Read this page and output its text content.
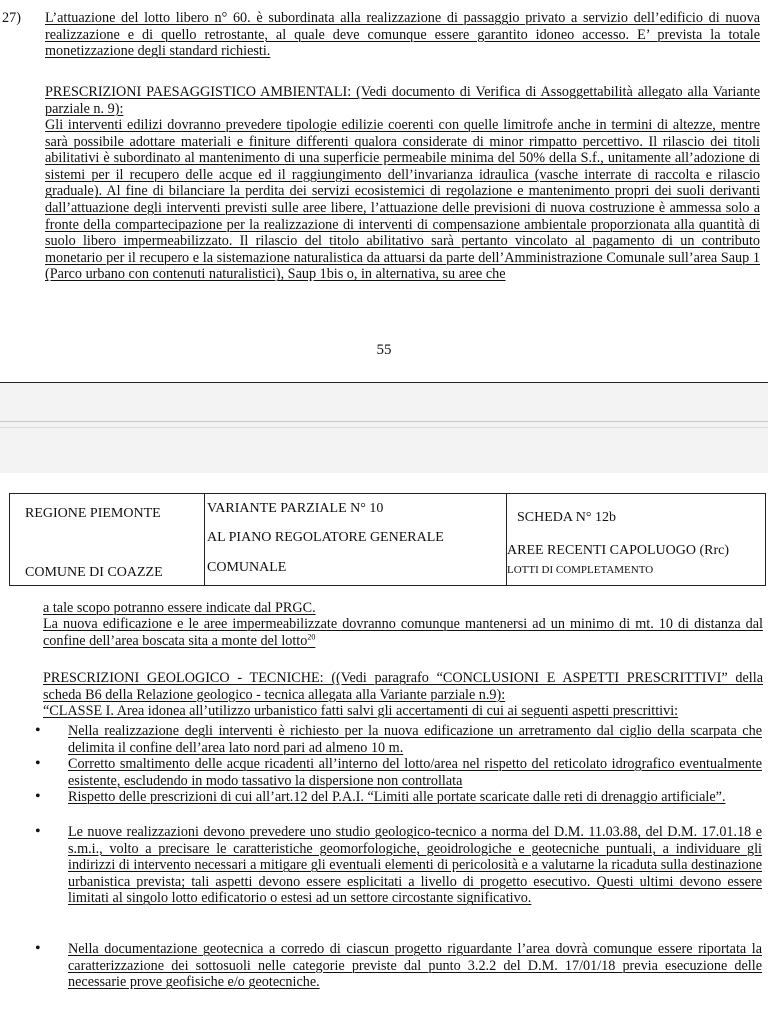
27) L’attuazione del lotto libero n° 60. è subordinata alla realizzazione di passaggio privato a servizio dell’edificio di nuova realizzazione e di quello retrostante, al quale deve comunque essere garantito idoneo accesso. E’ prevista la totale monetizzazione degli standard richiesti.

PRESCRIZIONI PAESAGGISTICO AMBIENTALI: (Vedi documento di Verifica di Assoggettabilità allegato alla Variante parziale n. 9):

Gli interventi edilizi dovranno prevedere tipologie edilizie coerenti con quelle limitrofe anche in termini di altezze, mentre sarà possibile adottare materiali e finiture differenti qualora considerate di minor rimpatto percettivo. Il rilascio dei titoli abilitativi è subordinato al mantenimento di una superficie permeabile minima del 50% della S.f., unitamente all’adozione di sistemi per il recupero delle acque ed il raggiungimento dell’invarianza idraulica (vasche interrate di raccolta e rilascio graduale). Al fine di bilanciare la perdita dei servizi ecosistemici di regolazione e mantenimento propri dei suoli derivanti dall’attuazione degli interventi previsti sulle aree libere, l’attuazione delle previsioni di nuova costruzione è ammessa solo a fronte della compartecipazione per la realizzazione di interventi di compensazione ambientale proporzionata alla quantità di suolo libero impermeabilizzato. Il rilascio del titolo abilitativo sarà pertanto vincolato al pagamento di un contributo monetario per il recupero e la sistemazione naturalistica da attuarsi da parte dell’Amministrazione Comunale sull’area Saup 1 (Parco urbano con contenuti naturalistici), Saup 1bis o, in alternativa, su aree che

55
REGIONE PIEMONTE
COMUNE DI COAZZE
VARIANTE PARZIALE N° 10
AL PIANO REGOLATORE GENERALE
COMUNALE
SCHEDA N° 12b
AREE RECENTI CAPOLUOGO (Rrc)
LOTTI DI COMPLETAMENTO

a tale scopo potranno essere indicate dal PRGC.

La nuova edificazione e le aree impermeabilizzate dovranno comunque mantenersi ad un minimo di mt. 10 di distanza dal confine dell’area boscata sita a monte del lotto$^{20}$

PRESCRIZIONI GEOLOGICO - TECNICHE: ((Vedi paragrafo “CONCLUSIONI E ASPETTI PRESCRITTIVI” della scheda B6 della Relazione geologico - tecnica allegata alla Variante parziale n.9):

“CLASSE I. Area idonea all’utilizzo urbanistico fatti salvi gli accertamenti di cui ai seguenti aspetti prescrittivi:

• Nella realizzazione degli interventi è richiesto per la nuova edificazione un arretramento dal ciglio della scarpata che delimita il confine dell’area lato nord pari ad almeno 10 m.

• Corretto smaltimento delle acque ricadenti all’interno del lotto/area nel rispetto del reticolato idrografico eventualmente esistente, escludendo in modo tassativo la dispersione non controllata

• Rispetto delle prescrizioni di cui all’art.12 del P.A.I. “Limiti alle portate scaricate dalle reti di drenaggio artificiale”.

• Le nuove realizzazioni devono prevedere uno studio geologico-tecnico a norma del D.M. 11.03.88, del D.M. 17.01.18 e s.m.i., volto a precisare le caratteristiche geomorfologiche, geoidrologiche e geotecniche puntuali, a individuare gli indirizzi di intervento necessari a mitigare gli eventuali elementi di pericolosità e a valutarne la ricaduta sulla destinazione urbanistica prevista; tali aspetti devono essere esplicitati a livello di progetto esecutivo. Questi ultimi devono essere limitati al singolo lotto edificatorio o estesi ad un settore circostante significativo.

• Nella documentazione geotecnica a corredo di ciascun progetto riguardante l’area dovrà comunque essere riportata la caratterizzazione dei sottosuoli nelle categorie previste dal punto 3.2.2 del D.M. 17/01/18 previa esecuzione delle necessarie prove geofisiche e/o geotecniche.
